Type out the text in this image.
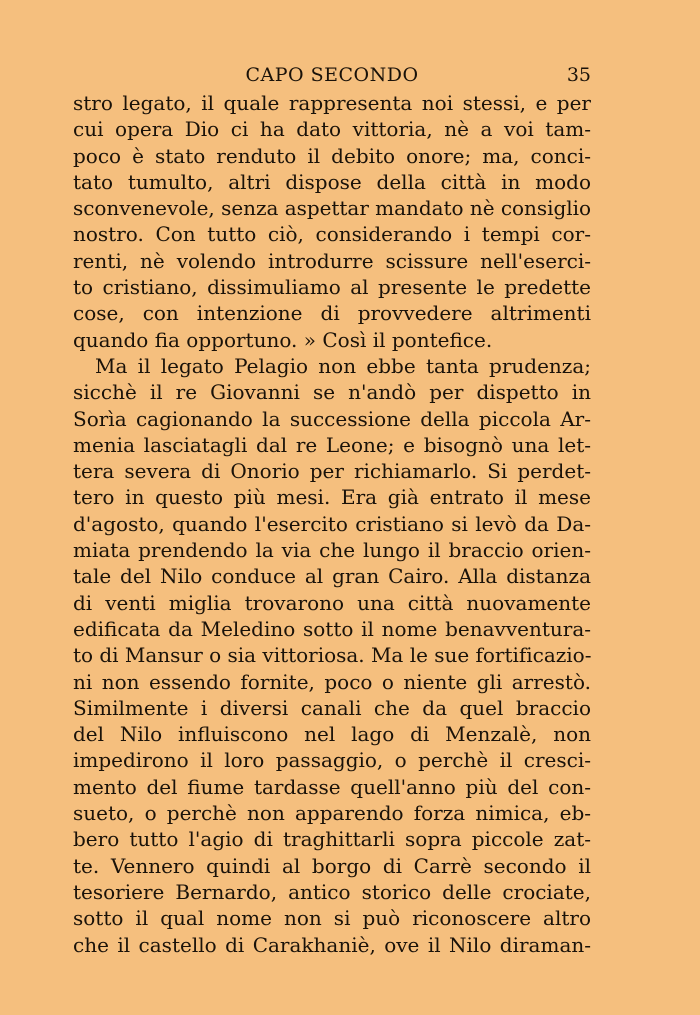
CAPO SECONDO	35
stro legato, il quale rappresenta noi stessi, e per
cui opera Dio ci ha dato vittoria, nè a voi tam-
poco è stato renduto il debito onore; ma, conci-
tato tumulto, altri dispose della città in modo
sconvenevole, senza aspettar mandato nè consiglio
nostro. Con tutto ciò, considerando i tempi cor-
renti, nè volendo introdurre scissure nell'eserci-
to cristiano, dissimuliamo al presente le predette
cose, con intenzione di provvedere altrimenti
quando fia opportuno. » Così il pontefice.
Ma il legato Pelagio non ebbe tanta prudenza;
sicchè il re Giovanni se n'andò per dispetto in
Sorìa cagionando la successione della piccola Ar-
menia lasciatagli dal re Leone; e bisognò una let-
tera severa di Onorio per richiamarlo. Si perdet-
tero in questo più mesi. Era già entrato il mese
d'agosto, quando l'esercito cristiano si levò da Da-
miata prendendo la via che lungo il braccio orien-
tale del Nilo conduce al gran Cairo. Alla distanza
di venti miglia trovarono una città nuovamente
edificata da Meledino sotto il nome benavventura-
to di Mansur o sia vittoriosa. Ma le sue fortificazio-
ni non essendo fornite, poco o niente gli arrestò.
Similmente i diversi canali che da quel braccio
del Nilo influiscono nel lago di Menzalè, non
impedirono il loro passaggio, o perchè il cresci-
mento del fiume tardasse quell'anno più del con-
sueto, o perchè non apparendo forza nimica, eb-
bero tutto l'agio di traghittarli sopra piccole zat-
te. Vennero quindi al borgo di Carrè secondo il
tesoriere Bernardo, antico storico delle crociate,
sotto il qual nome non si può riconoscere altro
che il castello di Carakhaniè, ove il Nilo diraman-
